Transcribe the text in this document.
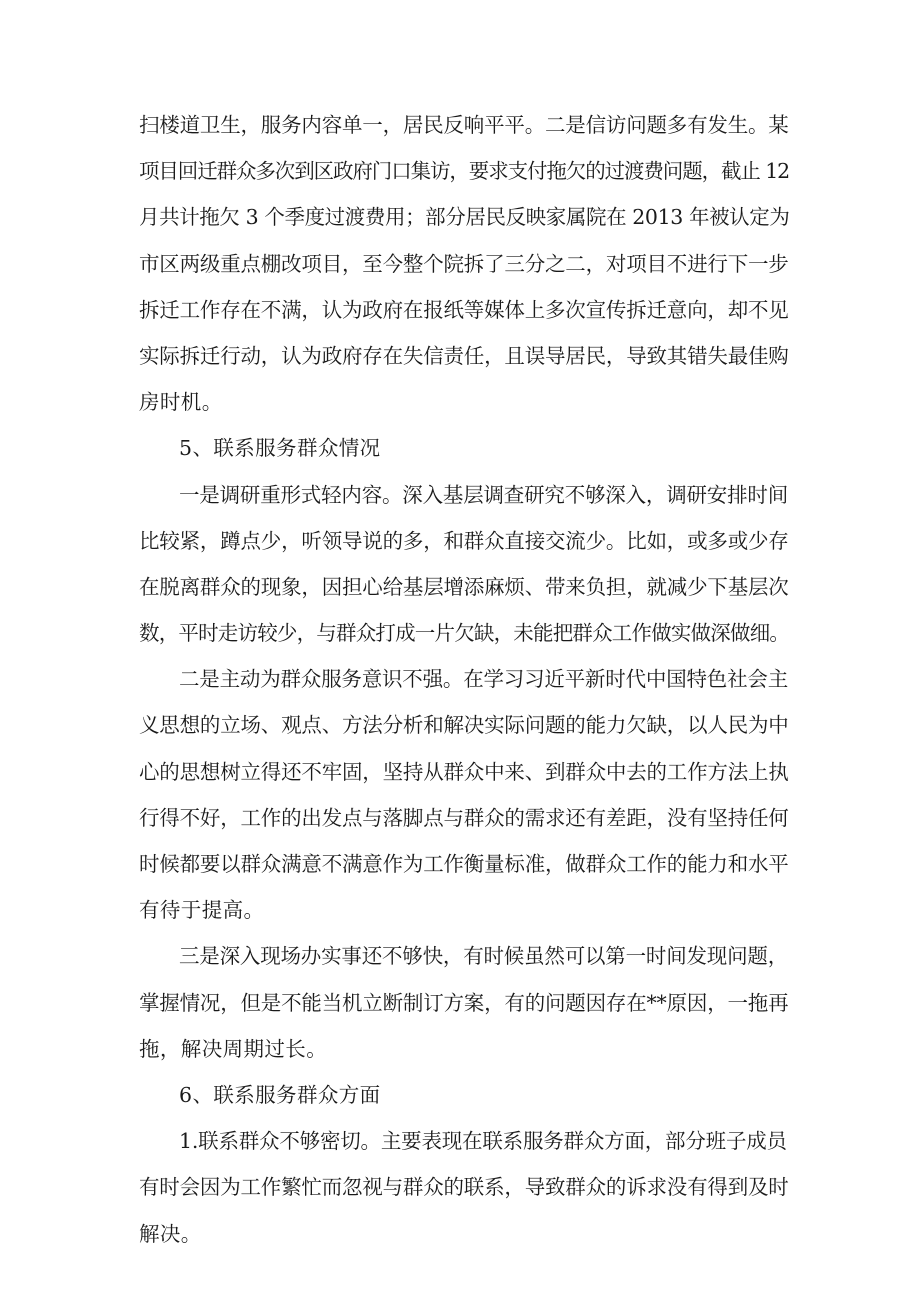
扫楼道卫生，服务内容单一，居民反响平平。二是信访问题多有发生。某
项目回迁群众多次到区政府门口集访，要求支付拖欠的过渡费问题，截止 12
月共计拖欠 3 个季度过渡费用；部分居民反映家属院在 2013 年被认定为
市区两级重点棚改项目，至今整个院拆了三分之二，对项目不进行下一步
拆迁工作存在不满，认为政府在报纸等媒体上多次宣传拆迁意向，却不见
实际拆迁行动，认为政府存在失信责任，且误导居民，导致其错失最佳购
房时机。
5、联系服务群众情况
一是调研重形式轻内容。深入基层调查研究不够深入，调研安排时间
比较紧，蹲点少，听领导说的多，和群众直接交流少。比如，或多或少存
在脱离群众的现象，因担心给基层增添麻烦、带来负担，就减少下基层次
数，平时走访较少，与群众打成一片欠缺，未能把群众工作做实做深做细。
二是主动为群众服务意识不强。在学习习近平新时代中国特色社会主
义思想的立场、观点、方法分析和解决实际问题的能力欠缺，以人民为中
心的思想树立得还不牢固，坚持从群众中来、到群众中去的工作方法上执
行得不好，工作的出发点与落脚点与群众的需求还有差距，没有坚持任何
时候都要以群众满意不满意作为工作衡量标准，做群众工作的能力和水平
有待于提高。
三是深入现场办实事还不够快，有时候虽然可以第一时间发现问题，
掌握情况，但是不能当机立断制订方案，有的问题因存在**原因，一拖再
拖，解决周期过长。
6、联系服务群众方面
1.联系群众不够密切。主要表现在联系服务群众方面，部分班子成员
有时会因为工作繁忙而忽视与群众的联系，导致群众的诉求没有得到及时
解决。
